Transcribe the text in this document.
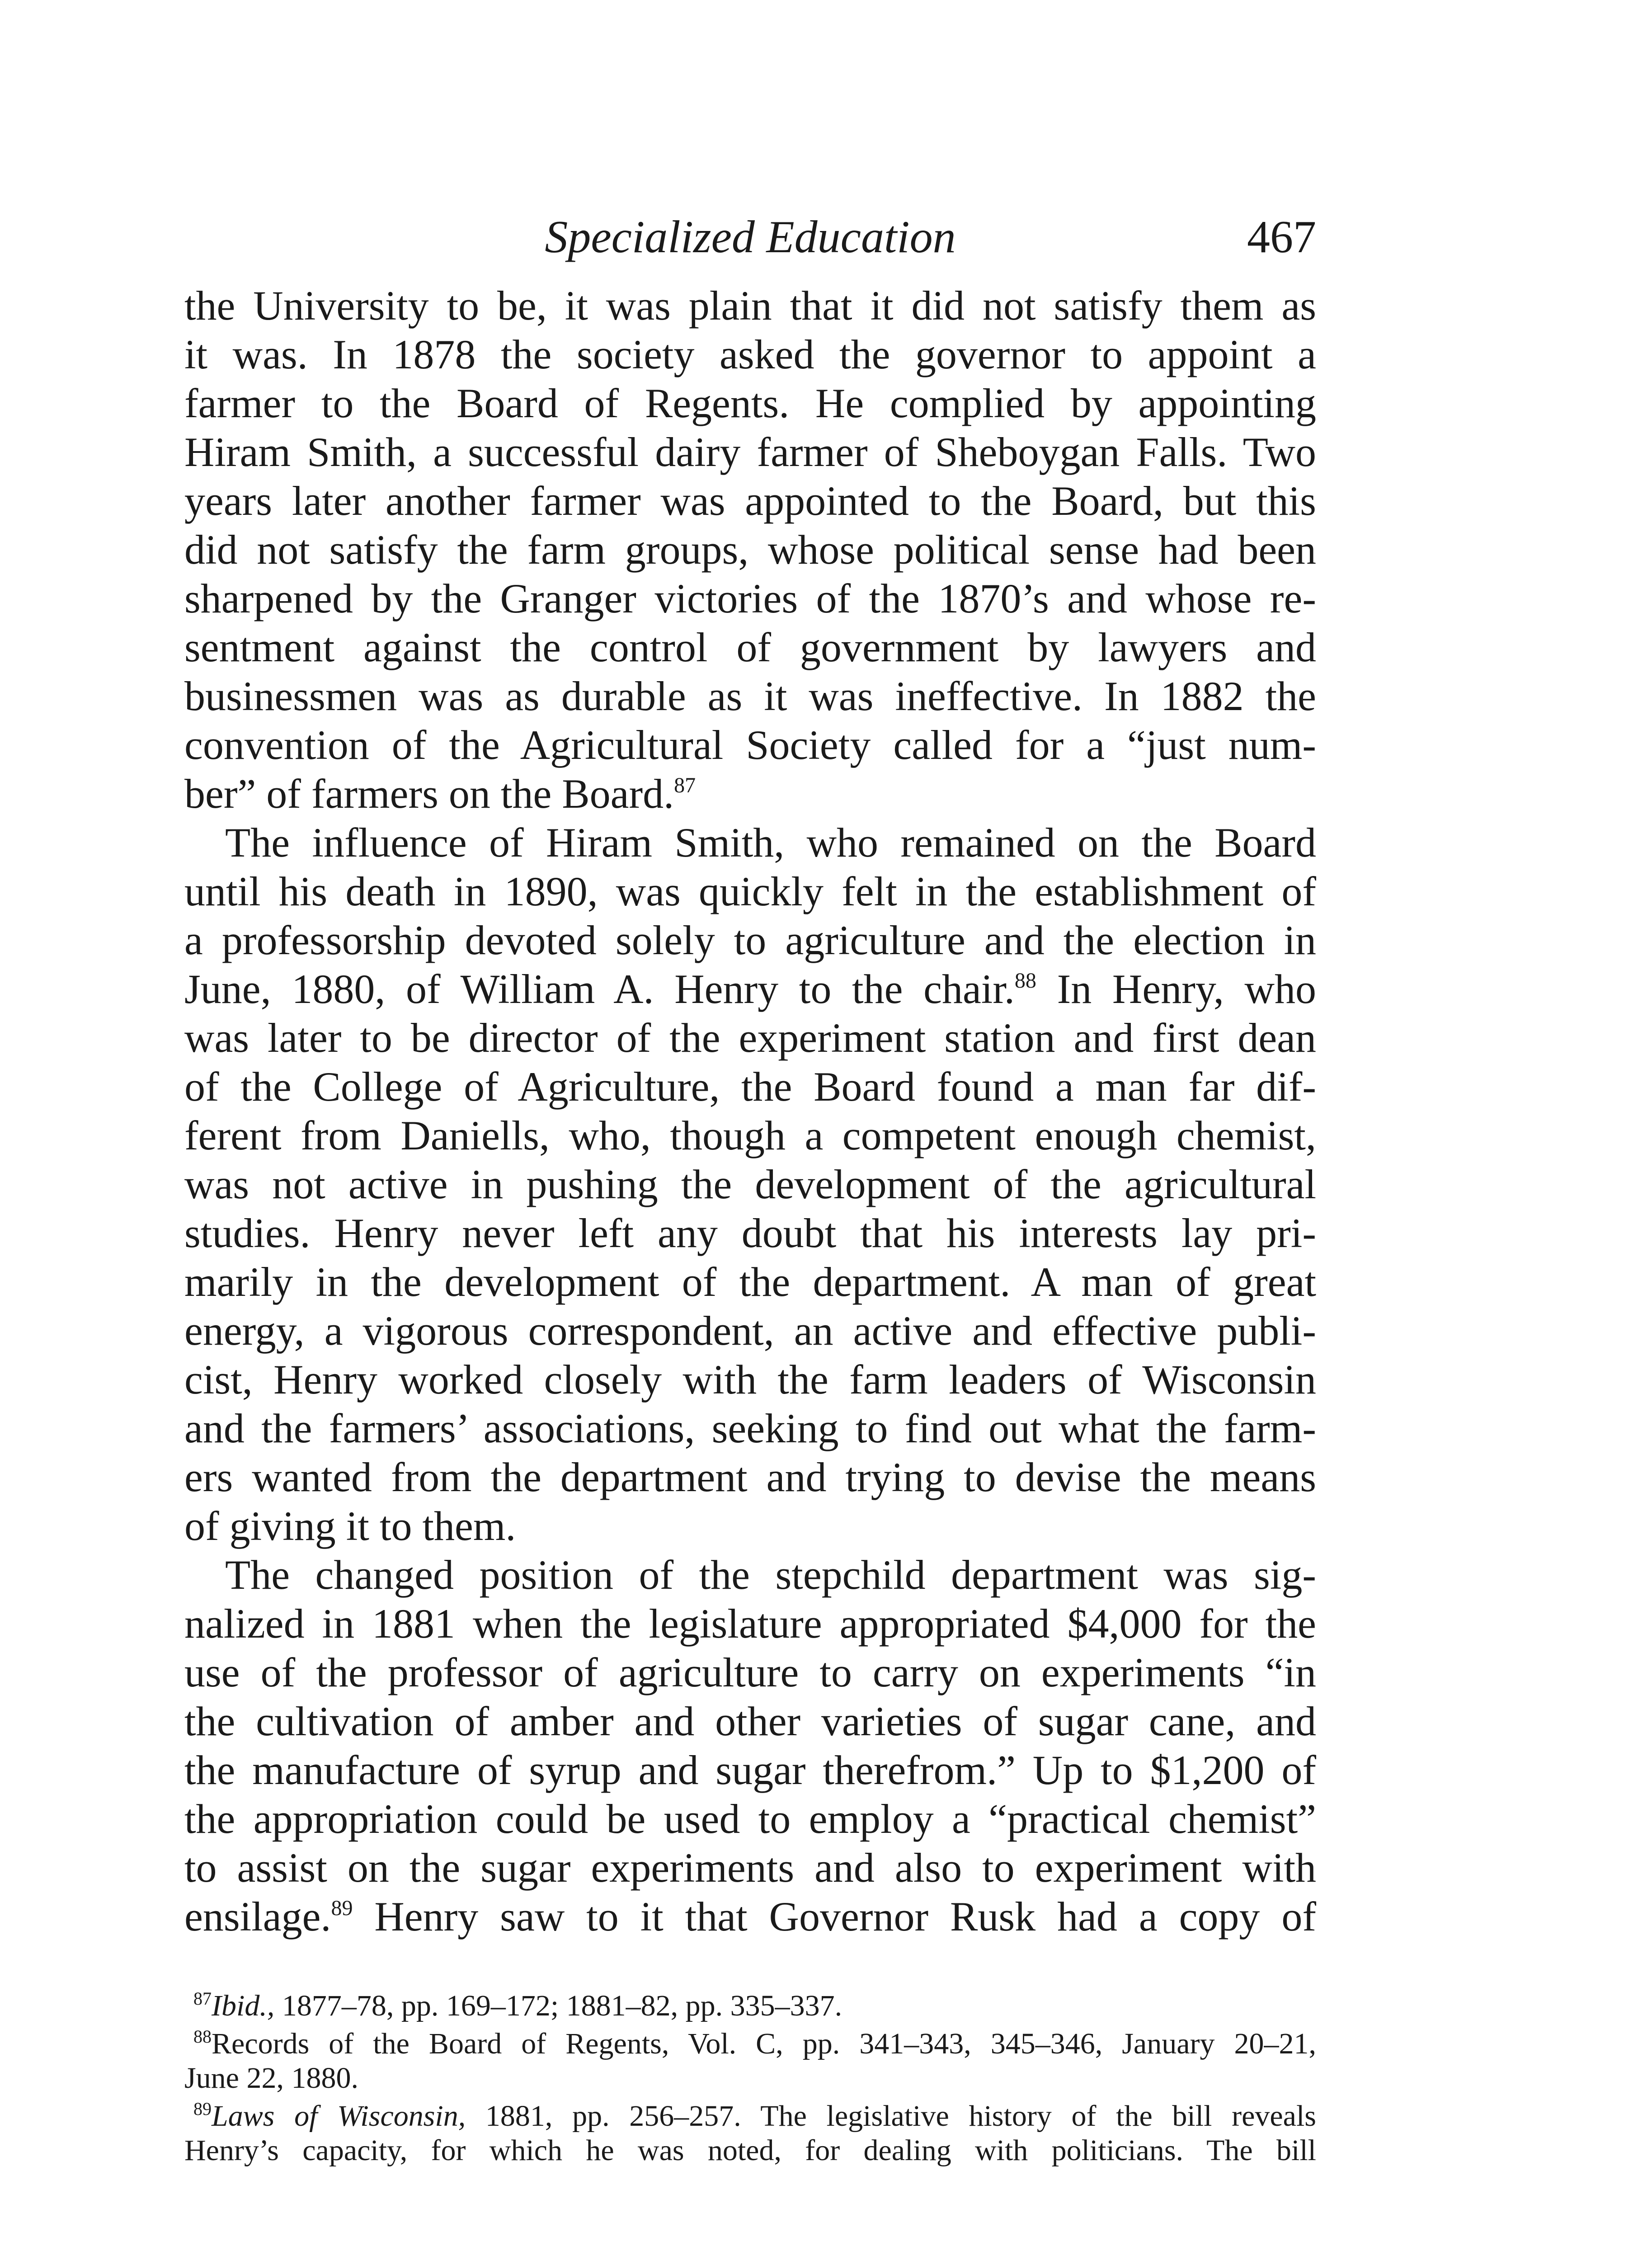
Specialized Education	467

the University to be, it was plain that it did not satisfy them as
it was. In 1878 the society asked the governor to appoint a
farmer to the Board of Regents. He complied by appointing
Hiram Smith, a successful dairy farmer of Sheboygan Falls. Two
years later another farmer was appointed to the Board, but this
did not satisfy the farm groups, whose political sense had been
sharpened by the Granger victories of the 1870’s and whose re-
sentment against the control of government by lawyers and
businessmen was as durable as it was ineffective. In 1882 the
convention of the Agricultural Society called for a “just num-
ber” of farmers on the Board.$^{87}$

The influence of Hiram Smith, who remained on the Board
until his death in 1890, was quickly felt in the establishment of
a professorship devoted solely to agriculture and the election in
June, 1880, of William A. Henry to the chair.$^{88}$ In Henry, who
was later to be director of the experiment station and first dean
of the College of Agriculture, the Board found a man far dif-
ferent from Daniells, who, though a competent enough chemist,
was not active in pushing the development of the agricultural
studies. Henry never left any doubt that his interests lay pri-
marily in the development of the department. A man of great
energy, a vigorous correspondent, an active and effective publi-
cist, Henry worked closely with the farm leaders of Wisconsin
and the farmers’ associations, seeking to find out what the farm-
ers wanted from the department and trying to devise the means
of giving it to them.

The changed position of the stepchild department was sig-
nalized in 1881 when the legislature appropriated $4,000 for the
use of the professor of agriculture to carry on experiments “in
the cultivation of amber and other varieties of sugar cane, and
the manufacture of syrup and sugar therefrom.” Up to $1,200 of
the appropriation could be used to employ a “practical chemist”
to assist on the sugar experiments and also to experiment with
ensilage.$^{89}$ Henry saw to it that Governor Rusk had a copy of

$^{87}$Ibid., 1877–78, pp. 169–172; 1881–82, pp. 335–337.
$^{88}$Records of the Board of Regents, Vol. C, pp. 341–343, 345–346, January 20–21,
June 22, 1880.
$^{89}$Laws of Wisconsin, 1881, pp. 256–257. The legislative history of the bill reveals
Henry’s capacity, for which he was noted, for dealing with politicians. The bill
